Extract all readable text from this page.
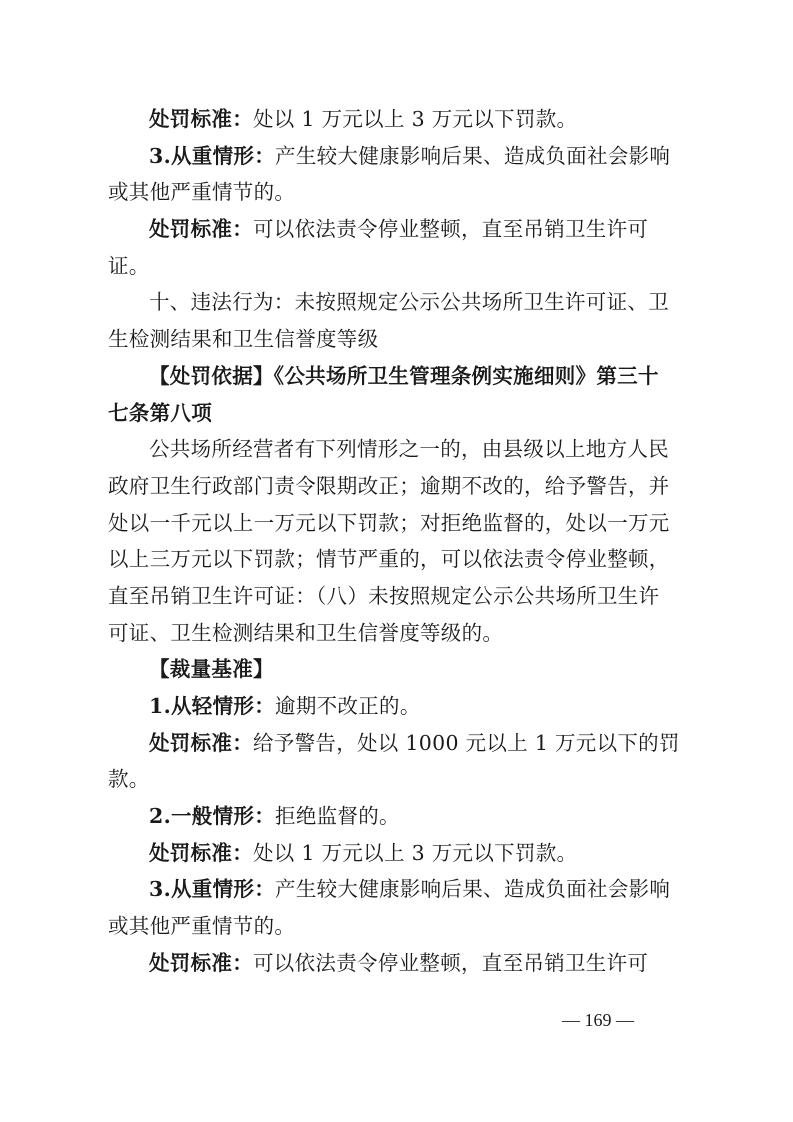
处罚标准：处以 1 万元以上 3 万元以下罚款。
3.从重情形：产生较大健康影响后果、造成负面社会影响
或其他严重情节的。
处罚标准：可以依法责令停业整顿，直至吊销卫生许可
证。
十、违法行为：未按照规定公示公共场所卫生许可证、卫
生检测结果和卫生信誉度等级
【处罚依据】《公共场所卫生管理条例实施细则》第三十
七条第八项
公共场所经营者有下列情形之一的，由县级以上地方人民
政府卫生行政部门责令限期改正；逾期不改的，给予警告，并
处以一千元以上一万元以下罚款；对拒绝监督的，处以一万元
以上三万元以下罚款；情节严重的，可以依法责令停业整顿，
直至吊销卫生许可证：（八）未按照规定公示公共场所卫生许
可证、卫生检测结果和卫生信誉度等级的。
【裁量基准】
1.从轻情形：逾期不改正的。
处罚标准：给予警告，处以 1000 元以上 1 万元以下的罚
款。
2.一般情形：拒绝监督的。
处罚标准：处以 1 万元以上 3 万元以下罚款。
3.从重情形：产生较大健康影响后果、造成负面社会影响
或其他严重情节的。
处罚标准：可以依法责令停业整顿，直至吊销卫生许可
— 169 —
